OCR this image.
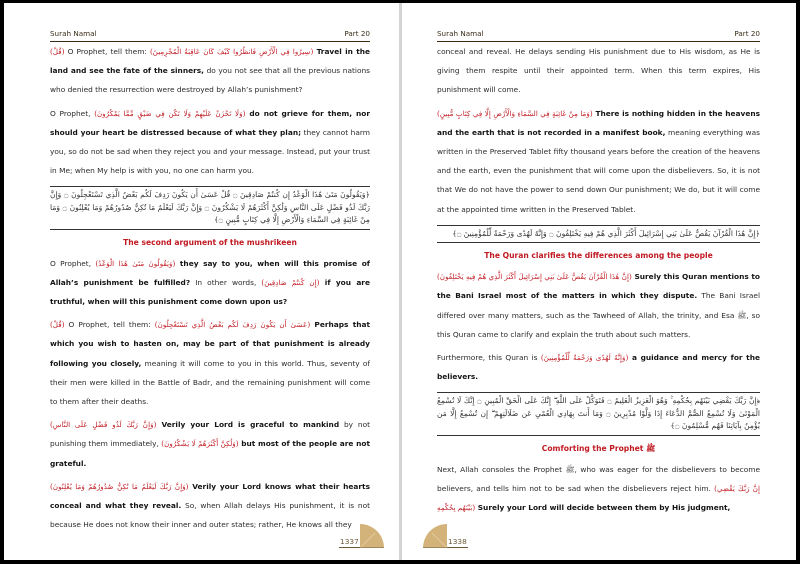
Surah Namal	Part 20

(قُلْ) O Prophet, tell them: (سِيرُوا فِي الْأَرْضِ فَانظُرُوا كَيْفَ كَانَ عَاقِبَةُ الْمُجْرِمِينَ) Travel in the land and see the fate of the sinners, do you not see that all the previous nations who denied the resurrection were destroyed by Allah’s punishment?

O Prophet, (وَلَا تَحْزَنْ عَلَيْهِمْ وَلَا تَكُن فِي ضَيْقٍ مِّمَّا يَمْكُرُونَ) do not grieve for them, nor should your heart be distressed because of what they plan; they cannot harm you, so do not be sad when they reject you and your message. Instead, put your trust in Me; when My help is with you, no one can harm you.

﴿وَيَقُولُونَ مَتَىٰ هَٰذَا الْوَعْدُ إِن كُنتُمْ صَادِقِينَ ۝ قُلْ عَسَىٰ أَن يَكُونَ رَدِفَ لَكُم بَعْضُ الَّذِي تَسْتَعْجِلُونَ ۝ وَإِنَّ رَبَّكَ لَذُو فَضْلٍ عَلَى النَّاسِ وَلَٰكِنَّ أَكْثَرَهُمْ لَا يَشْكُرُونَ ۝ وَإِنَّ رَبَّكَ لَيَعْلَمُ مَا تُكِنُّ صُدُورُهُمْ وَمَا يُعْلِنُونَ ۝ وَمَا مِنْ غَائِبَةٍ فِي السَّمَاءِ وَالْأَرْضِ إِلَّا فِي كِتَابٍ مُّبِينٍ ۝﴾
The second argument of the mushrikeen

O Prophet, (وَيَقُولُونَ مَتَىٰ هَٰذَا الْوَعْدُ) they say to you, when will this promise of Allah’s punishment be fulfilled? In other words, (إِن كُنتُمْ صَادِقِينَ) if you are truthful, when will this punishment come down upon us?

(قُلْ) O Prophet, tell them: (عَسَىٰ أَن يَكُونَ رَدِفَ لَكُم بَعْضُ الَّذِي تَسْتَعْجِلُونَ) Perhaps that which you wish to hasten on, may be part of that punishment is already following you closely, meaning it will come to you in this world. Thus, seventy of their men were killed in the Battle of Badr, and the remaining punishment will come to them after their deaths.

(وَإِنَّ رَبَّكَ لَذُو فَضْلٍ عَلَى النَّاسِ) Verily your Lord is graceful to mankind by not punishing them immediately, (وَلَٰكِنَّ أَكْثَرَهُمْ لَا يَشْكُرُونَ) but most of the people are not grateful.

(وَإِنَّ رَبَّكَ لَيَعْلَمُ مَا تُكِنُّ صُدُورُهُمْ وَمَا يُعْلِنُونَ) Verily your Lord knows what their hearts conceal and what they reveal. So, when Allah delays His punishment, it is not because He does not know their inner and outer states; rather, He knows all they

1337
Surah Namal	Part 20

conceal and reveal. He delays sending His punishment due to His wisdom, as He is giving them respite until their appointed term. When this term expires, His punishment will come.

(وَمَا مِنْ غَائِبَةٍ فِي السَّمَاءِ وَالْأَرْضِ إِلَّا فِي كِتَابٍ مُّبِينٍ) There is nothing hidden in the heavens and the earth that is not recorded in a manifest book, meaning everything was written in the Preserved Tablet fifty thousand years before the creation of the heavens and the earth, even the punishment that will come upon the disbelievers. So, it is not that We do not have the power to send down Our punishment; We do, but it will come at the appointed time written in the Preserved Tablet.

﴿إِنَّ هَٰذَا الْقُرْآنَ يَقُصُّ عَلَىٰ بَنِي إِسْرَائِيلَ أَكْثَرَ الَّذِي هُمْ فِيهِ يَخْتَلِفُونَ ۝ وَإِنَّهُ لَهُدًى وَرَحْمَةٌ لِّلْمُؤْمِنِينَ ۝﴾
The Quran clarifies the differences among the people

(إِنَّ هَٰذَا الْقُرْآنَ يَقُصُّ عَلَىٰ بَنِي إِسْرَائِيلَ أَكْثَرَ الَّذِي هُمْ فِيهِ يَخْتَلِفُونَ) Surely this Quran mentions to the Bani Israel most of the matters in which they dispute. The Bani Israel differed over many matters, such as the Tawheed of Allah, the trinity, and Esa ﷺ, so this Quran came to clarify and explain the truth about such matters.

Furthermore, this Quran is (وَإِنَّهُ لَهُدًى وَرَحْمَةٌ لِّلْمُؤْمِنِينَ) a guidance and mercy for the believers.

﴿إِنَّ رَبَّكَ يَقْضِي بَيْنَهُم بِحُكْمِهِ ۚ وَهُوَ الْعَزِيزُ الْعَلِيمُ ۝ فَتَوَكَّلْ عَلَى اللَّهِ ۖ إِنَّكَ عَلَى الْحَقِّ الْمُبِينِ ۝ إِنَّكَ لَا تُسْمِعُ الْمَوْتَىٰ وَلَا تُسْمِعُ الصُّمَّ الدُّعَاءَ إِذَا وَلَّوْا مُدْبِرِينَ ۝ وَمَا أَنتَ بِهَادِي الْعُمْيِ عَن ضَلَالَتِهِمْ ۖ إِن تُسْمِعُ إِلَّا مَن يُؤْمِنُ بِآيَاتِنَا فَهُم مُّسْلِمُونَ ۝﴾
Comforting the Prophet ﷺ

Next, Allah consoles the Prophet ﷺ, who was eager for the disbelievers to become believers, and tells him not to be sad when the disbelievers reject him. (إِنَّ رَبَّكَ يَقْضِي بَيْنَهُم بِحُكْمِهِ) Surely your Lord will decide between them by His judgment,

1338
